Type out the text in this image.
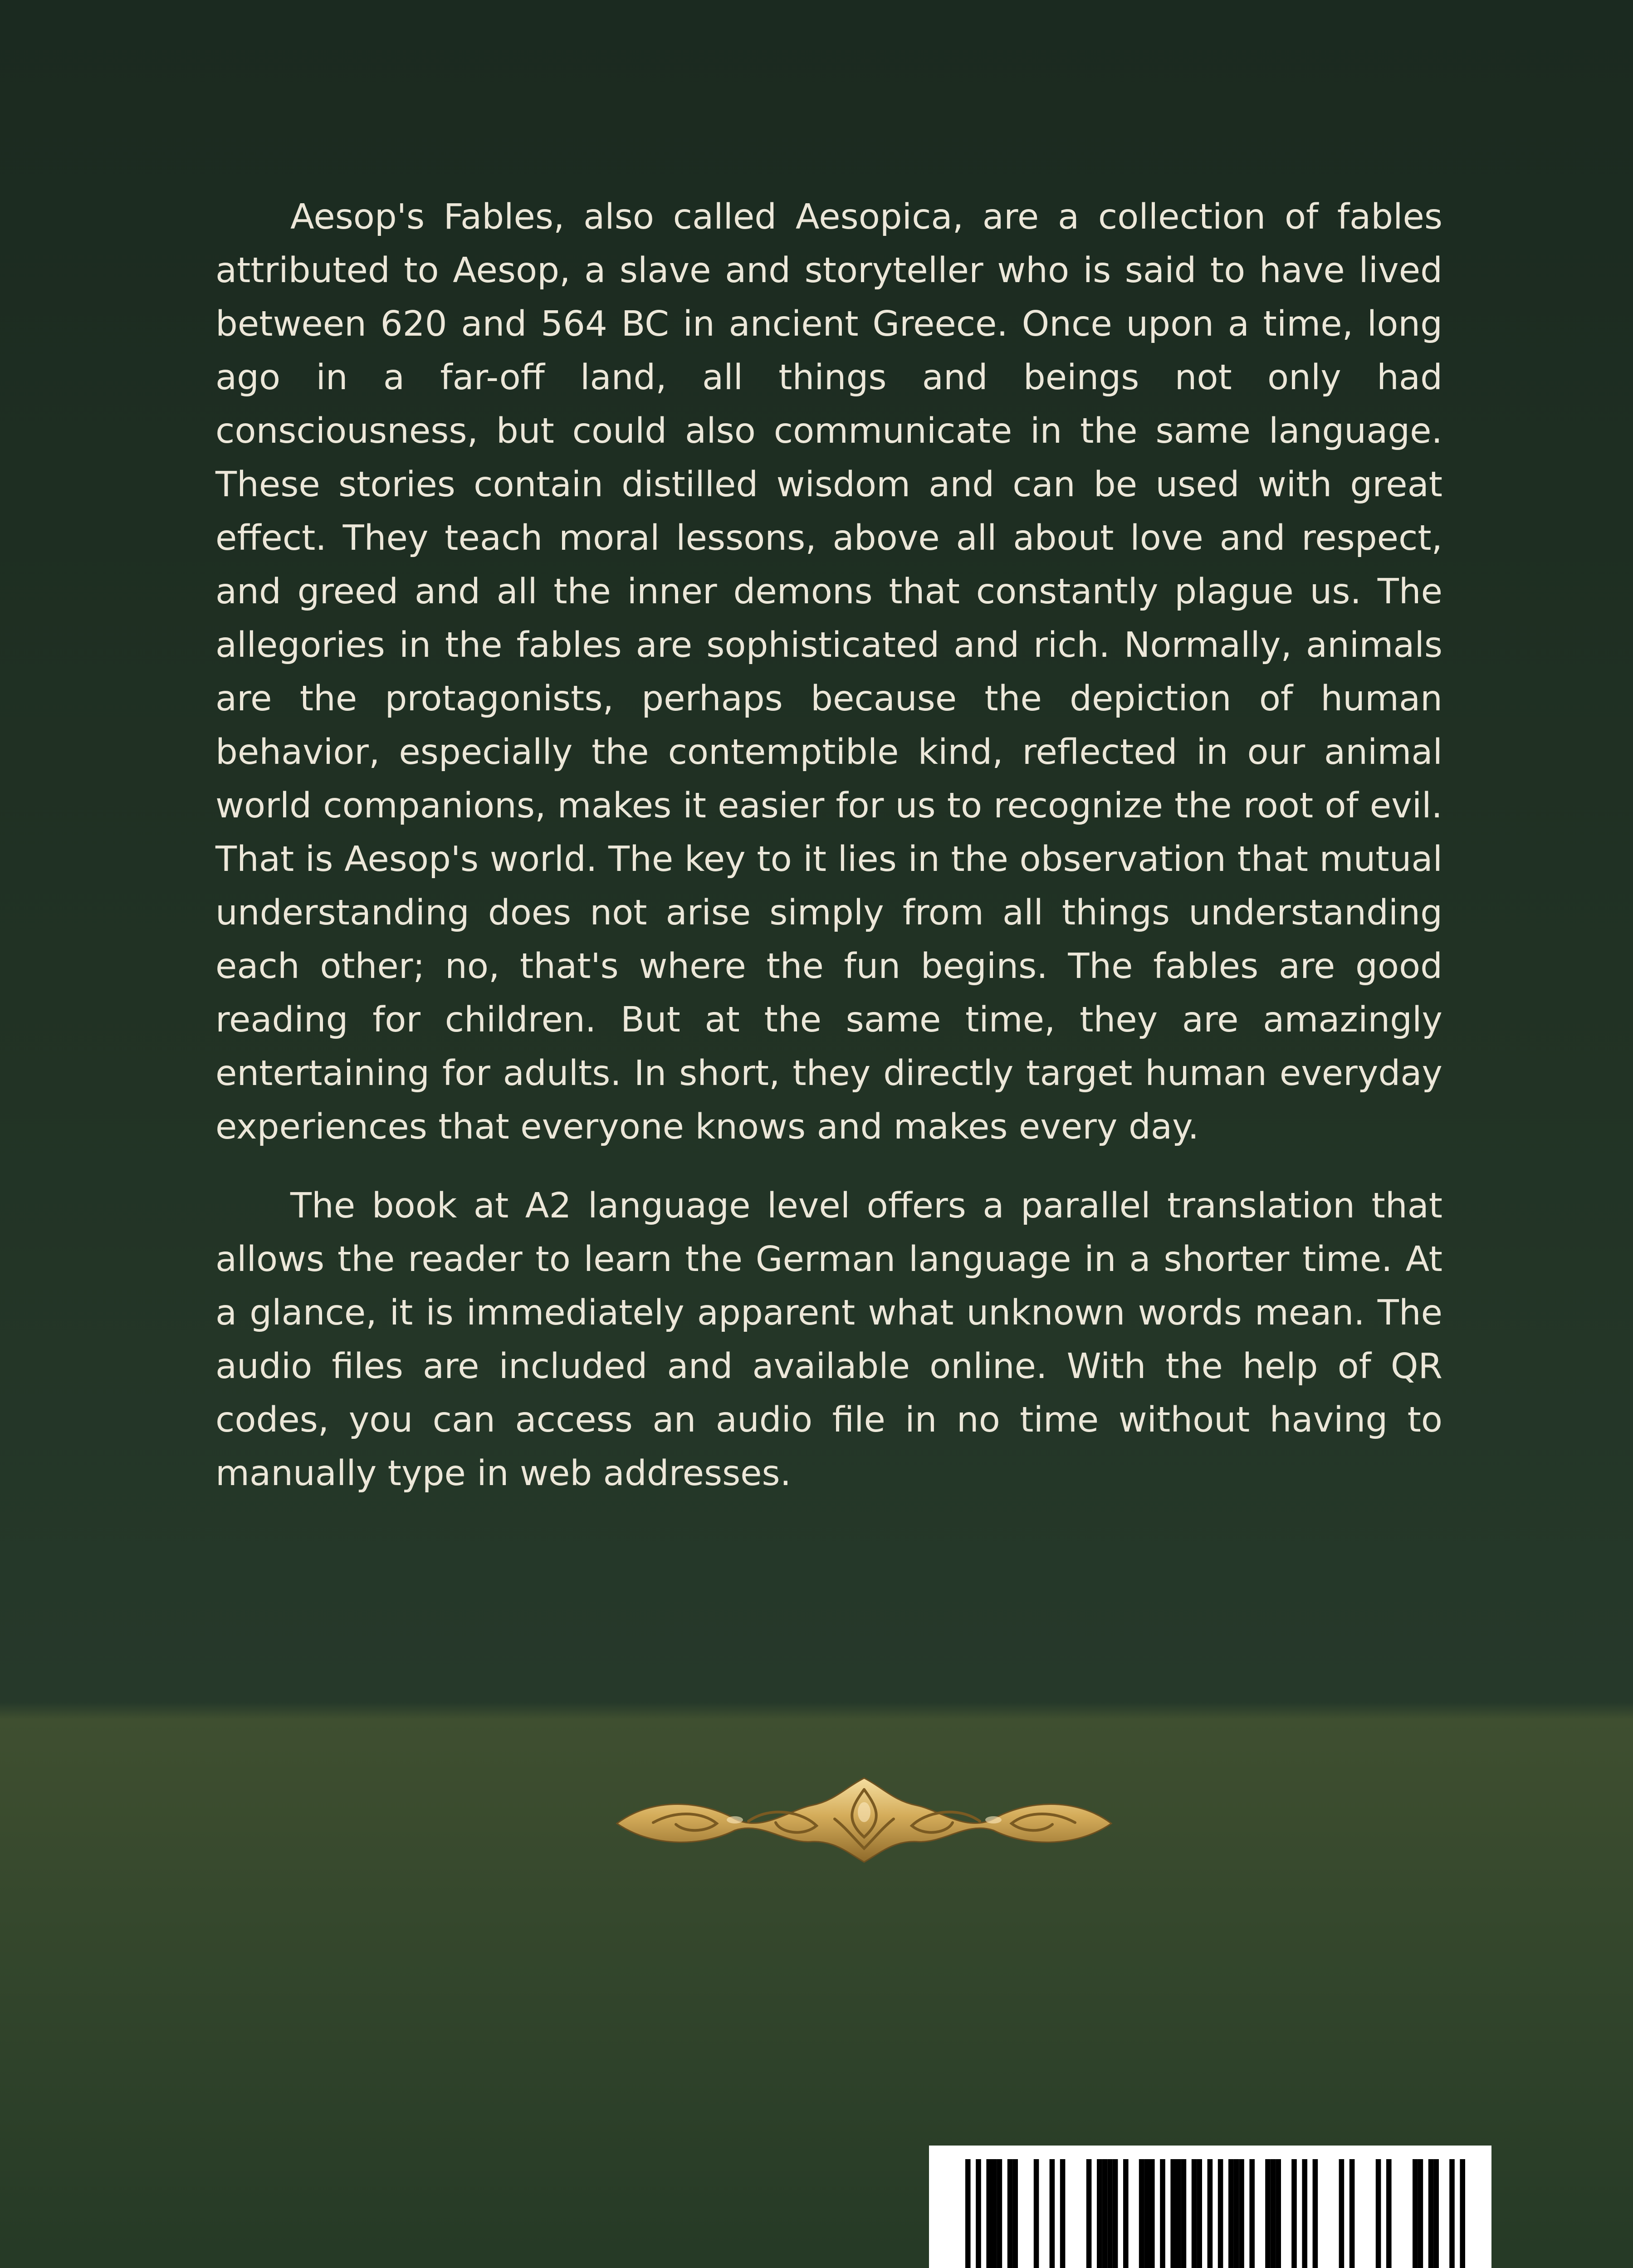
Aesop's Fables, also called Aesopica, are a collection of fables attributed to Aesop, a slave and storyteller who is said to have lived between 620 and 564 BC in ancient Greece. Once upon a time, long ago in a far-off land, all things and beings not only had consciousness, but could also communicate in the same language. These stories contain distilled wisdom and can be used with great effect. They teach moral lessons, above all about love and respect, and greed and all the inner demons that constantly plague us. The allegories in the fables are sophisticated and rich. Normally, animals are the protagonists, perhaps because the depiction of human behavior, especially the contemptible kind, reflected in our animal world companions, makes it easier for us to recognize the root of evil. That is Aesop's world. The key to it lies in the observation that mutual understanding does not arise simply from all things understanding each other; no, that's where the fun begins. The fables are good reading for children. But at the same time, they are amazingly entertaining for adults. In short, they directly target human everyday experiences that everyone knows and makes every day.

The book at A2 language level offers a parallel translation that allows the reader to learn the German language in a shorter time. At a glance, it is immediately apparent what unknown words mean. The audio files are included and available online. With the help of QR codes, you can access an audio file in no time without having to manually type in web addresses.
